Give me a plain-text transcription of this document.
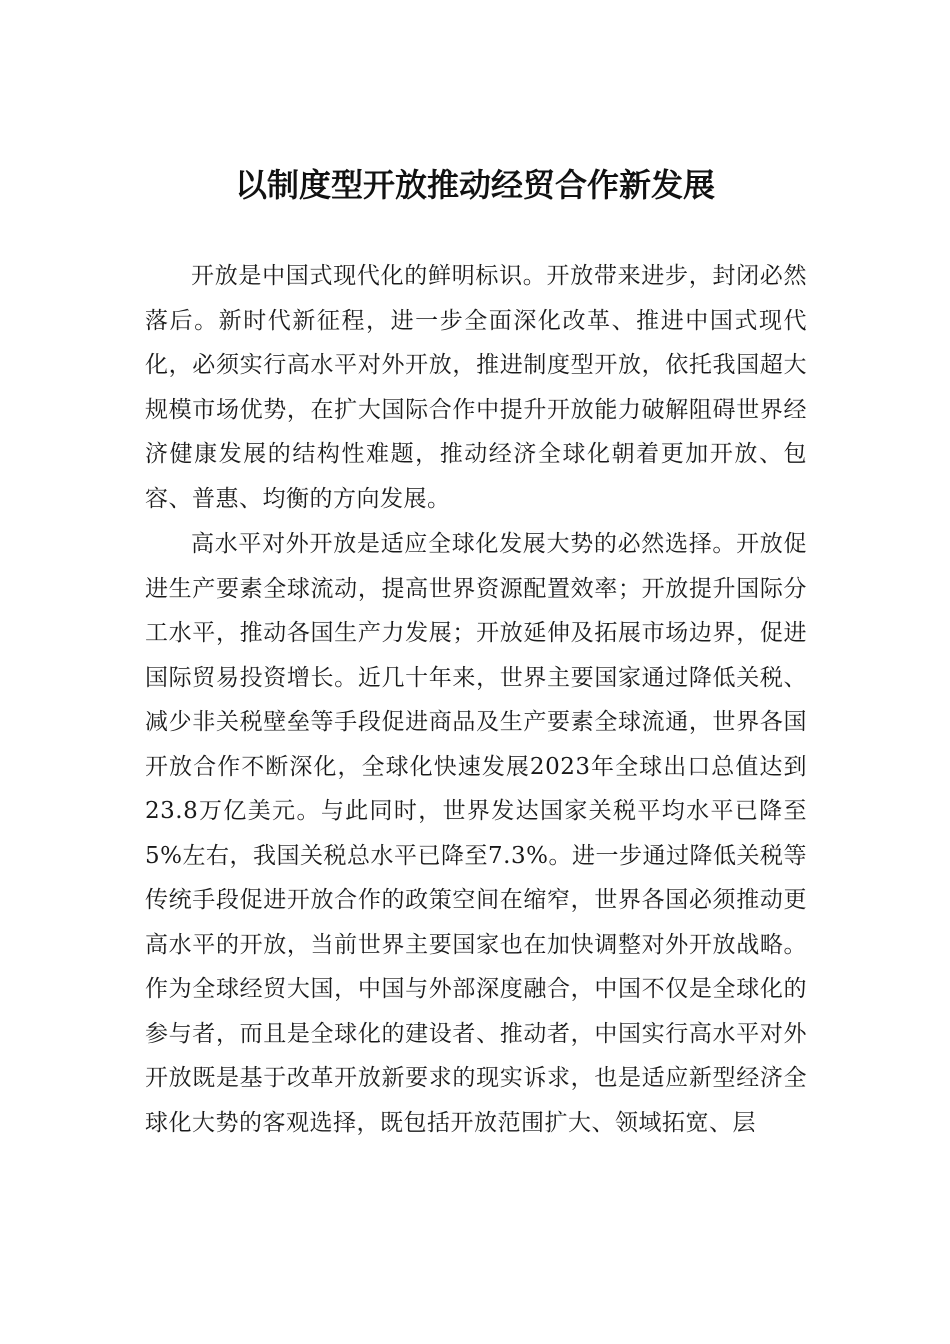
以制度型开放推动经贸合作新发展

开放是中国式现代化的鲜明标识。开放带来进步，封闭必然落后。新时代新征程，进一步全面深化改革、推进中国式现代化，必须实行高水平对外开放，推进制度型开放，依托我国超大规模市场优势，在扩大国际合作中提升开放能力破解阻碍世界经济健康发展的结构性难题，推动经济全球化朝着更加开放、包容、普惠、均衡的方向发展。

高水平对外开放是适应全球化发展大势的必然选择。开放促进生产要素全球流动，提高世界资源配置效率；开放提升国际分工水平，推动各国生产力发展；开放延伸及拓展市场边界，促进国际贸易投资增长。近几十年来，世界主要国家通过降低关税、减少非关税壁垒等手段促进商品及生产要素全球流通，世界各国开放合作不断深化，全球化快速发展2023年全球出口总值达到23.8万亿美元。与此同时，世界发达国家关税平均水平已降至5%左右，我国关税总水平已降至7.3%。进一步通过降低关税等传统手段促进开放合作的政策空间在缩窄，世界各国必须推动更高水平的开放，当前世界主要国家也在加快调整对外开放战略。作为全球经贸大国，中国与外部深度融合，中国不仅是全球化的参与者，而且是全球化的建设者、推动者，中国实行高水平对外开放既是基于改革开放新要求的现实诉求，也是适应新型经济全球化大势的客观选择，既包括开放范围扩大、领域拓宽、层
